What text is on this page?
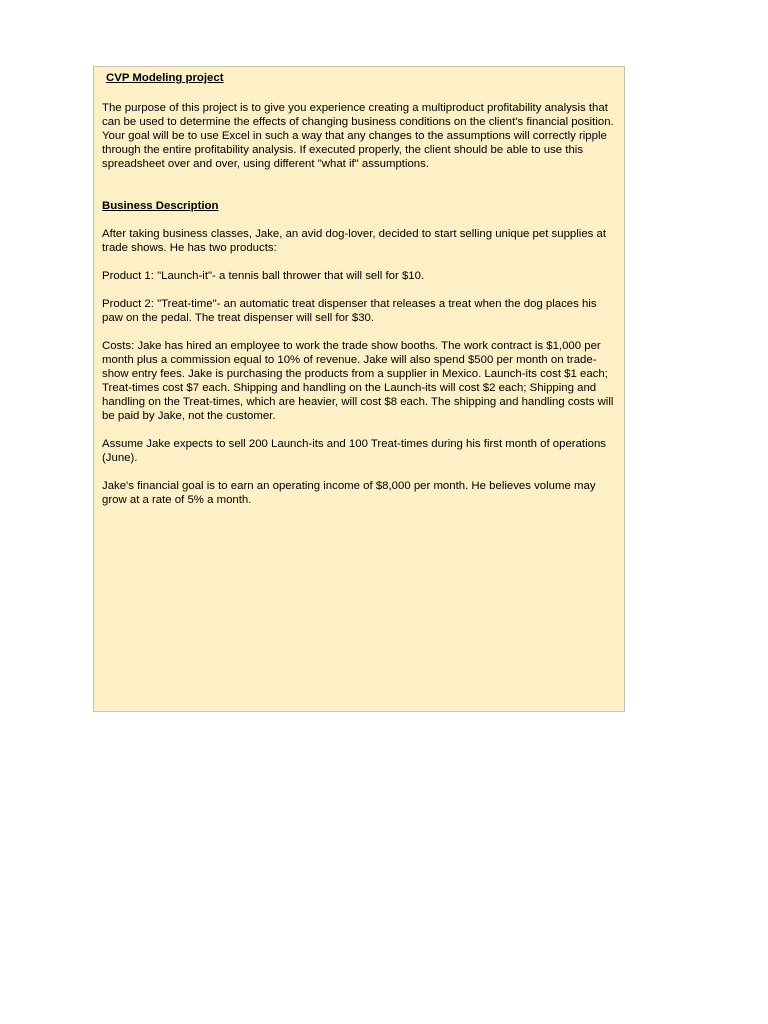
CVP Modeling project
The purpose of this project is to give you experience creating a multiproduct profitability analysis that can be used to determine the effects of changing business conditions on the client's financial position. Your goal will be to use Excel in such a way that any changes to the assumptions will correctly ripple through the entire profitability analysis. If executed properly, the client should be able to use this spreadsheet over and over, using different "what if" assumptions.
Business Description
After taking business classes, Jake, an avid dog-lover, decided to start selling unique pet supplies at trade shows. He has two products:
Product 1: "Launch-it"- a tennis ball thrower that will sell for $10.
Product 2: "Treat-time"- an automatic treat dispenser that releases a treat when the dog places his paw on the pedal. The treat dispenser will sell for $30.
Costs: Jake has hired an employee to work the trade show booths. The work contract is $1,000 per month plus a commission equal to 10% of revenue. Jake will also spend $500 per month on trade-show entry fees. Jake is purchasing the products from a supplier in Mexico. Launch-its cost $1 each; Treat-times cost $7 each. Shipping and handling on the Launch-its will cost $2 each; Shipping and handling on the Treat-times, which are heavier, will cost $8 each. The shipping and handling costs will be paid by Jake, not the customer.
Assume Jake expects to sell 200 Launch-its and 100 Treat-times during his first month of operations (June).
Jake's financial goal is to earn an operating income of $8,000 per month. He believes volume may grow at a rate of 5% a month.
